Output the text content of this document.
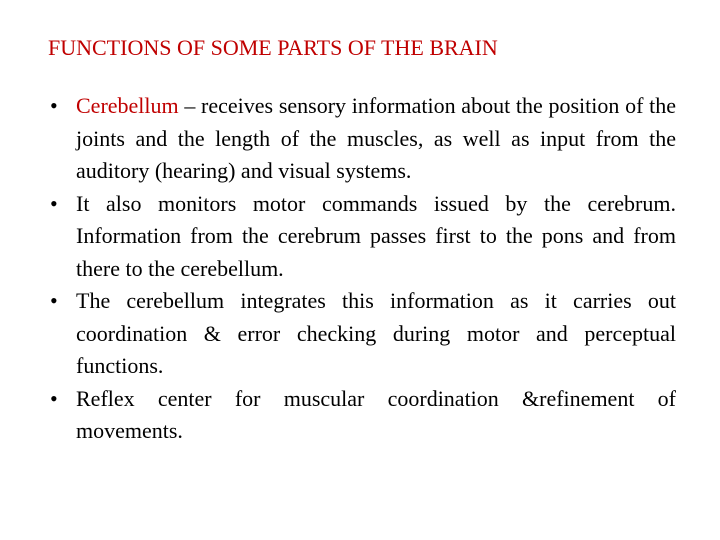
FUNCTIONS OF SOME PARTS OF THE BRAIN
• Cerebellum – receives sensory information about the position of the joints and the length of the muscles, as well as input from the auditory (hearing) and visual systems.
• It also monitors motor commands issued by the cerebrum. Information from the cerebrum passes first to the pons and from there to the cerebellum.
• The cerebellum integrates this information as it carries out coordination & error checking during motor and perceptual functions.
• Reflex center for muscular coordination &refinement of movements.
